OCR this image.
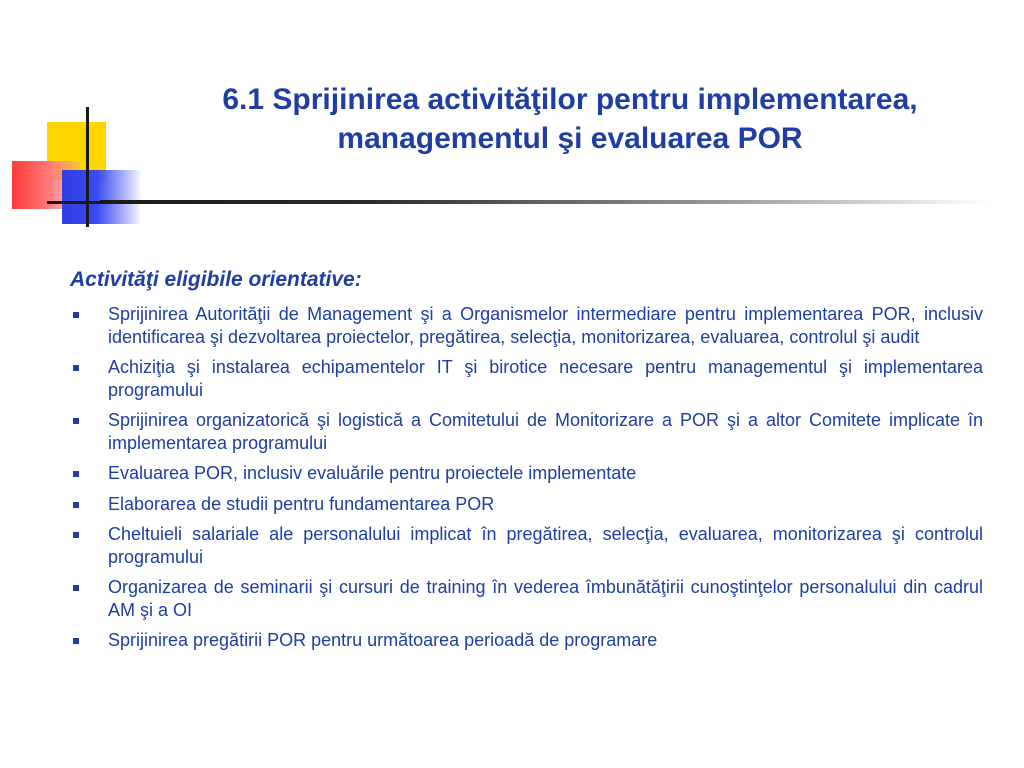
6.1 Sprijinirea activităţilor pentru implementarea,
managementul şi evaluarea POR

Activităţi eligibile orientative:

Sprijinirea Autorităţii de Management şi a Organismelor intermediare pentru implementarea POR, inclusiv identificarea şi dezvoltarea proiectelor, pregătirea, selecţia, monitorizarea, evaluarea, controlul şi audit
Achiziţia şi instalarea echipamentelor IT şi birotice necesare pentru managementul şi implementarea programului
Sprijinirea organizatorică şi logistică a Comitetului de Monitorizare a POR şi a altor Comitete implicate în implementarea programului
Evaluarea POR, inclusiv evaluările pentru proiectele implementate
Elaborarea de studii pentru fundamentarea POR
Cheltuieli salariale ale personalului implicat în pregătirea, selecţia, evaluarea, monitorizarea şi controlul programului
Organizarea de seminarii şi cursuri de training în vederea îmbunătăţirii cunoştinţelor personalului din cadrul AM şi a OI
Sprijinirea pregătirii POR pentru următoarea perioadă de programare
